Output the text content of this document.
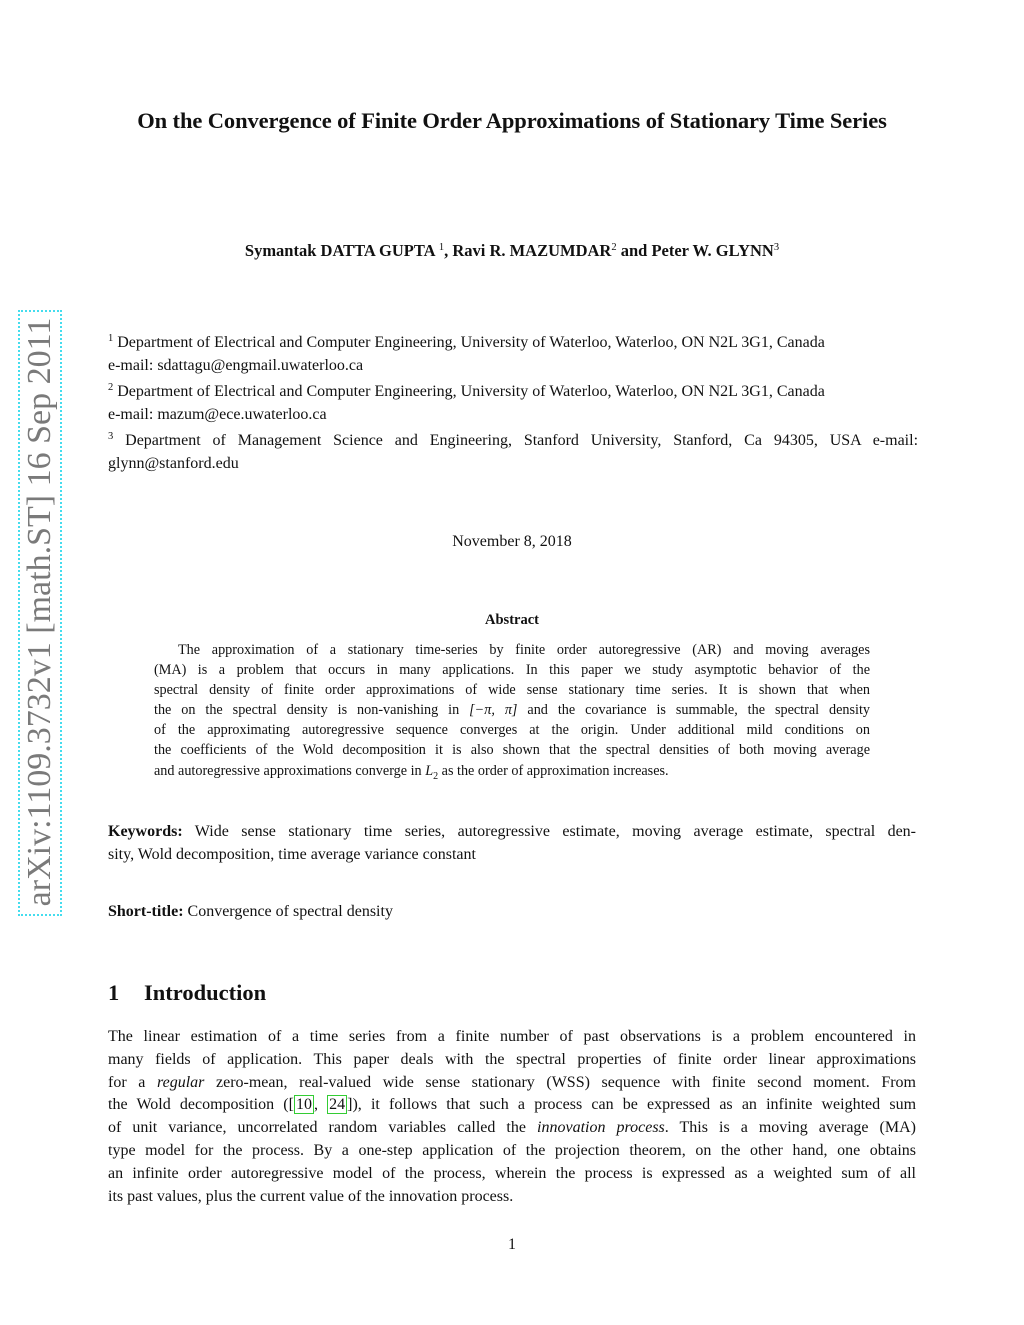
arXiv:1109.3732v1 [math.ST] 16 Sep 2011
On the Convergence of Finite Order Approximations of Stationary Time Series
Symantak DATTA GUPTA $^1$, Ravi R. MAZUMDAR$^2$ and Peter W. GLYNN$^3$
$^1$ Department of Electrical and Computer Engineering, University of Waterloo, Waterloo, ON N2L 3G1, Canada
e-mail: sdattagu@engmail.uwaterloo.ca
$^2$ Department of Electrical and Computer Engineering, University of Waterloo, Waterloo, ON N2L 3G1, Canada
e-mail: mazum@ece.uwaterloo.ca
$^3$ Department of Management Science and Engineering, Stanford University, Stanford, Ca 94305, USA e-mail:
glynn@stanford.edu
November 8, 2018
Abstract
The approximation of a stationary time-series by finite order autoregressive (AR) and moving averages
(MA) is a problem that occurs in many applications. In this paper we study asymptotic behavior of the
spectral density of finite order approximations of wide sense stationary time series. It is shown that when
the on the spectral density is non-vanishing in [−π, π] and the covariance is summable, the spectral density
of the approximating autoregressive sequence converges at the origin. Under additional mild conditions on
the coefficients of the Wold decomposition it is also shown that the spectral densities of both moving average
and autoregressive approximations converge in $L_2$ as the order of approximation increases.
Keywords: Wide sense stationary time series, autoregressive estimate, moving average estimate, spectral den-
sity, Wold decomposition, time average variance constant
Short-title: Convergence of spectral density
1 Introduction
The linear estimation of a time series from a finite number of past observations is a problem encountered in
many fields of application. This paper deals with the spectral properties of finite order linear approximations
for a regular zero-mean, real-valued wide sense stationary (WSS) sequence with finite second moment. From
the Wold decomposition ([ 10 , 24 ]), it follows that such a process can be expressed as an infinite weighted sum
of unit variance, uncorrelated random variables called the innovation process. This is a moving average (MA)
type model for the process. By a one-step application of the projection theorem, on the other hand, one obtains
an infinite order autoregressive model of the process, wherein the process is expressed as a weighted sum of all
its past values, plus the current value of the innovation process.
1
